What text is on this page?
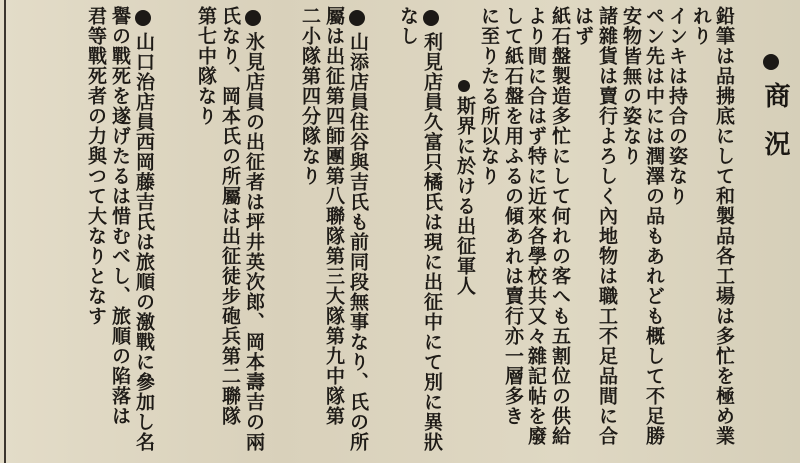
商況
鉛筆は品拂底にして和製品各工場は多忙を極め業
れり
インキは持合の姿なり
ペン先は中には潤澤の品もあれども概して不足勝
安物皆無の姿なり
諸雜貨は賣行よろしく內地物は職工不足品間に合
はず
紙石盤製造多忙にして何れの客へも五割位の供給
より間に合はず特に近來各學校共又々雜記帖を廢
して紙石盤を用ふるの傾あれは賣行亦一層多き
に至りたる所以なり
斯界に於ける出征軍人
利見店員久富只橘氏は現に出征中にて別に異狀
なし
山添店員住谷與吉氏も前同段無事なり、氏の所
屬は出征第四師團第八聯隊第三大隊第九中隊第
二小隊第四分隊なり
氷見店員の出征者は坪井英次郎、岡本壽吉の兩
氏なり、岡本氏の所屬は出征徒步砲兵第二聯隊
第七中隊なり
山口治店員西岡藤吉氏は旅順の激戰に參加し名
譽の戰死を遂げたるは惜むべし、旅順の陷落は
君等戰死者の力與つて大なりとなす
